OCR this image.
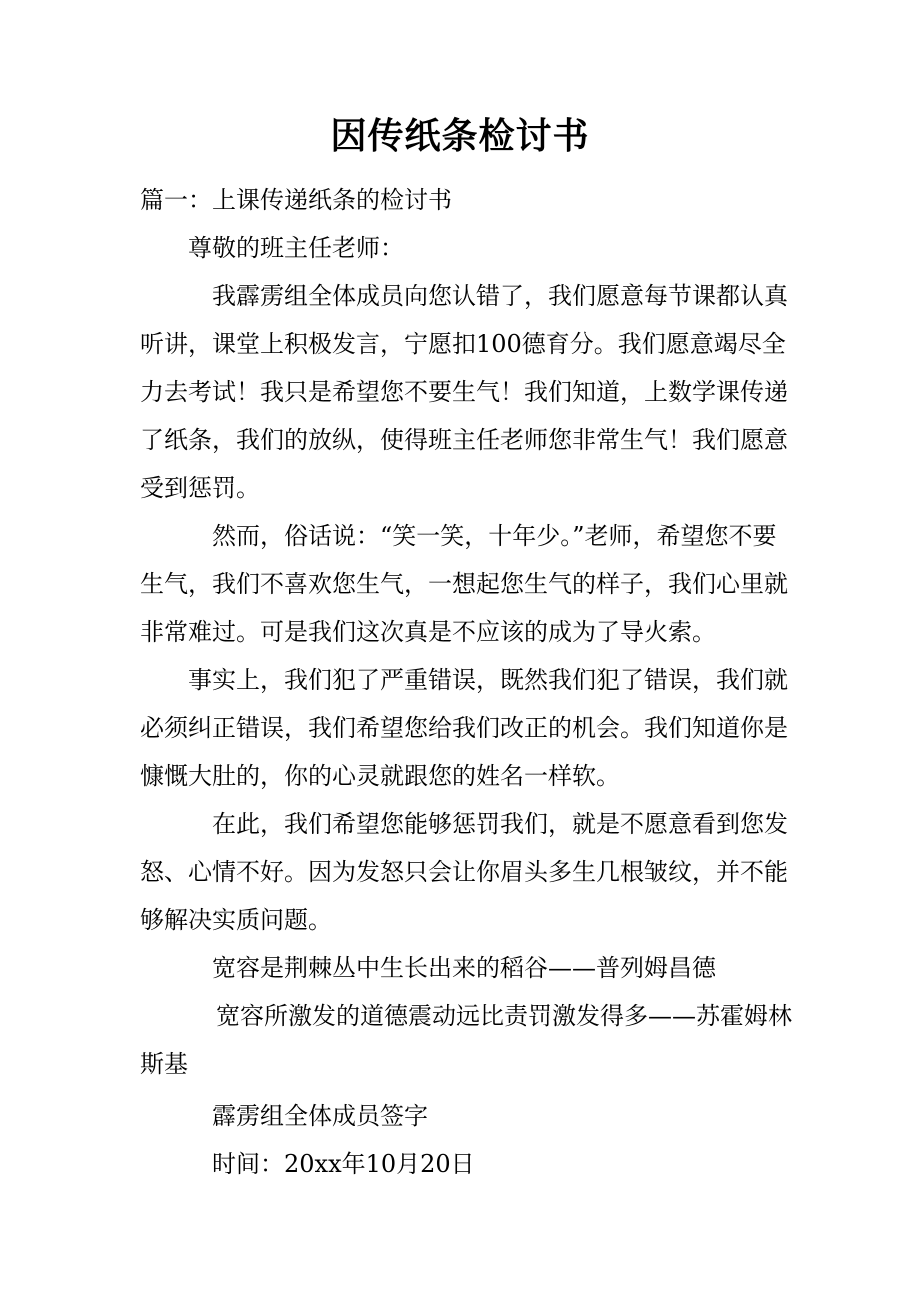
因传纸条检讨书
篇一：上课传递纸条的检讨书
尊敬的班主任老师：
我霹雳组全体成员向您认错了，我们愿意每节课都认真听讲，课堂上积极发言，宁愿扣100德育分。我们愿意竭尽全力去考试！我只是希望您不要生气！我们知道，上数学课传递了纸条，我们的放纵，使得班主任老师您非常生气！我们愿意受到惩罚。
然而，俗话说：“笑一笑，十年少。”老师，希望您不要生气，我们不喜欢您生气，一想起您生气的样子，我们心里就非常难过。可是我们这次真是不应该的成为了导火索。
事实上，我们犯了严重错误，既然我们犯了错误，我们就必须纠正错误，我们希望您给我们改正的机会。我们知道你是慷慨大肚的，你的心灵就跟您的姓名一样软。
在此，我们希望您能够惩罚我们，就是不愿意看到您发怒、心情不好。因为发怒只会让你眉头多生几根皱纹，并不能够解决实质问题。
宽容是荆棘丛中生长出来的稻谷——普列姆昌德
宽容所激发的道德震动远比责罚激发得多——苏霍姆林斯基
霹雳组全体成员签字
时间：20xx年10月20日
